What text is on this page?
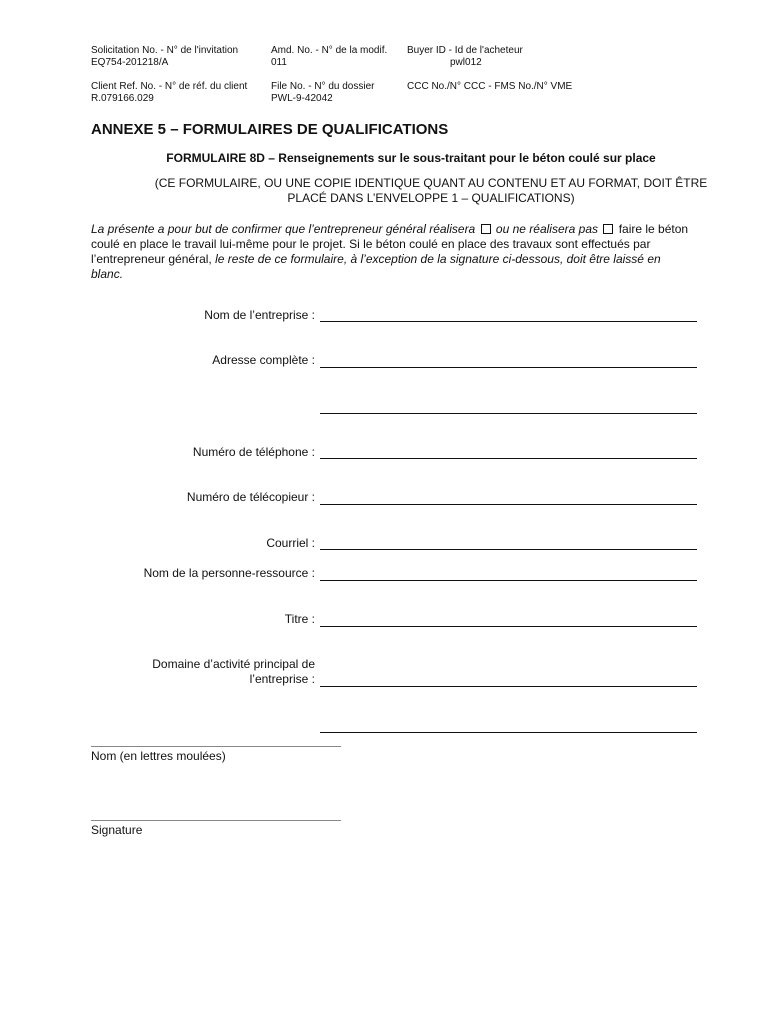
Solicitation No. - N° de l'invitation
EQ754-201218/A
Amd. No. - N° de la modif.
011
Buyer ID - Id de l'acheteur
pwl012
Client Ref. No. - N° de réf. du client
R.079166.029
File No. - N° du dossier
PWL-9-42042
CCC No./N° CCC - FMS No./N° VME
ANNEXE 5 – FORMULAIRES DE QUALIFICATIONS
FORMULAIRE 8D – Renseignements sur le sous-traitant pour le béton coulé sur place
(CE FORMULAIRE, OU UNE COPIE IDENTIQUE QUANT AU CONTENU ET AU FORMAT, DOIT ÊTRE
PLACÉ DANS L’ENVELOPPE 1 – QUALIFICATIONS)
La présente a pour but de confirmer que l’entrepreneur général réalisera ou ne réalisera pas faire le béton coulé en place le travail lui-même pour le projet. Si le béton coulé en place des travaux sont effectués par l’entrepreneur général, le reste de ce formulaire, à l’exception de la signature ci-dessous, doit être laissé en blanc.
Nom de l’entreprise :
Adresse complète :
Numéro de téléphone :
Numéro de télécopieur :
Courriel :
Nom de la personne-ressource :
Titre :
Domaine d’activité principal de
l’entreprise :
Nom (en lettres moulées)
Signature
